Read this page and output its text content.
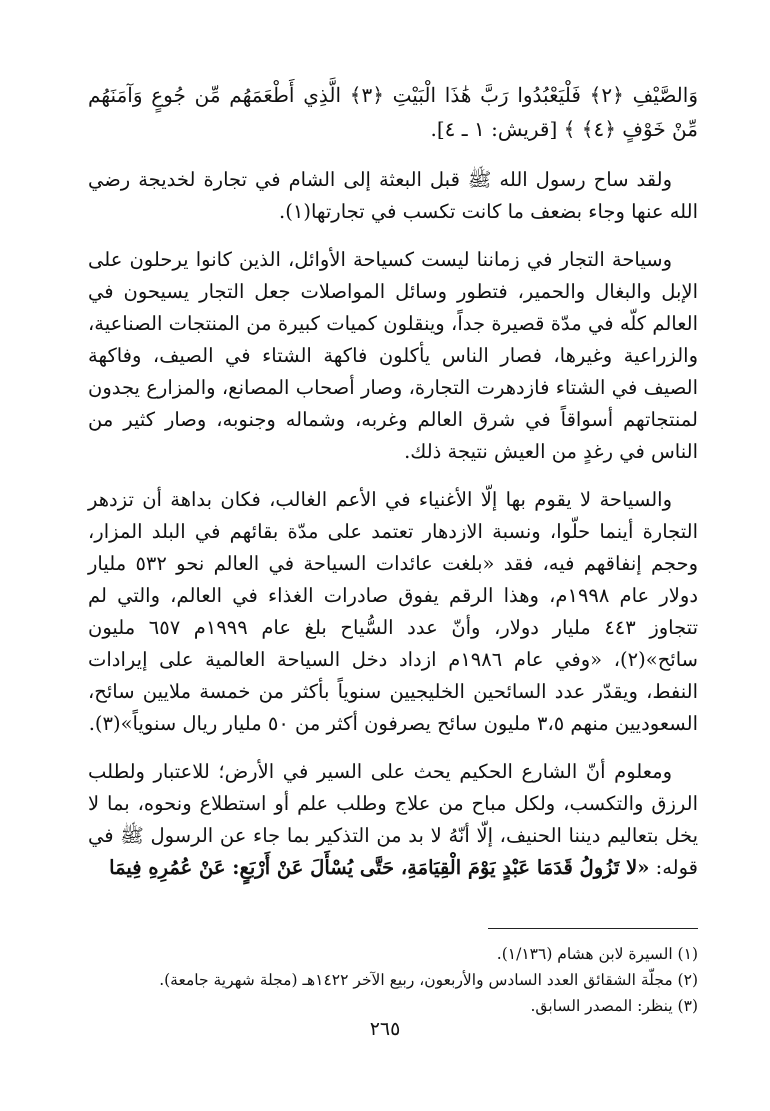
وَالصَّيْفِ ﴿٢﴾ فَلْيَعْبُدُوا رَبَّ هَٰذَا الْبَيْتِ ﴿٣﴾ الَّذِي أَطْعَمَهُم مِّن جُوعٍ وَآمَنَهُم مِّنْ خَوْفٍ ﴿٤﴾ ﴾ [قريش: ١ ـ ٤].

ولقد ساح رسول الله ﷺ قبل البعثة إلى الشام في تجارة لخديجة رضي الله عنها وجاء بضعف ما كانت تكسب في تجارتها(١).

وسياحة التجار في زماننا ليست كسياحة الأوائل، الذين كانوا يرحلون على الإبل والبغال والحمير، فتطور وسائل المواصلات جعل التجار يسيحون في العالم كلّه في مدّة قصيرة جداً، وينقلون كميات كبيرة من المنتجات الصناعية، والزراعية وغيرها، فصار الناس يأكلون فاكهة الشتاء في الصيف، وفاكهة الصيف في الشتاء فازدهرت التجارة، وصار أصحاب المصانع، والمزارع يجدون لمنتجاتهم أسواقاً في شرق العالم وغربه، وشماله وجنوبه، وصار كثير من الناس في رغدٍ من العيش نتيجة ذلك.

والسياحة لا يقوم بها إلّا الأغنياء في الأعم الغالب، فكان بداهة أن تزدهر التجارة أينما حلّوا، ونسبة الازدهار تعتمد على مدّة بقائهم في البلد المزار، وحجم إنفاقهم فيه، فقد «بلغت عائدات السياحة في العالم نحو ٥٣٢ مليار دولار عام ١٩٩٨م، وهذا الرقم يفوق صادرات الغذاء في العالم، والتي لم تتجاوز ٤٤٣ مليار دولار، وأنّ عدد السُّياح بلغ عام ١٩٩٩م ٦٥٧ مليون سائح»(٢)، «وفي عام ١٩٨٦م ازداد دخل السياحة العالمية على إيرادات النفط، ويقدّر عدد السائحين الخليجيين سنوياً بأكثر من خمسة ملايين سائح، السعوديين منهم ٣،٥ مليون سائح يصرفون أكثر من ٥٠ مليار ريال سنوياً»(٣).

ومعلوم أنّ الشارع الحكيم يحث على السير في الأرض؛ للاعتبار ولطلب الرزق والتكسب، ولكل مباح من علاج وطلب علم أو استطلاع ونحوه، بما لا يخل بتعاليم ديننا الحنيف، إلّا أنّهُ لا بد من التذكير بما جاء عن الرسول ﷺ في قوله: «لا تَزُولُ قَدَمَا عَبْدٍ يَوْمَ الْقِيَامَةِ، حَتَّى يُسْأَلَ عَنْ أَرْبَعٍ: عَنْ عُمُرِهِ فِيمَا

(١) السيرة لابن هشام (١/١٣٦).

(٢) مجلّة الشقائق العدد السادس والأربعون، ربيع الآخر ١٤٢٢هـ (مجلة شهرية جامعة).

(٣) ينظر: المصدر السابق.

٢٦٥
